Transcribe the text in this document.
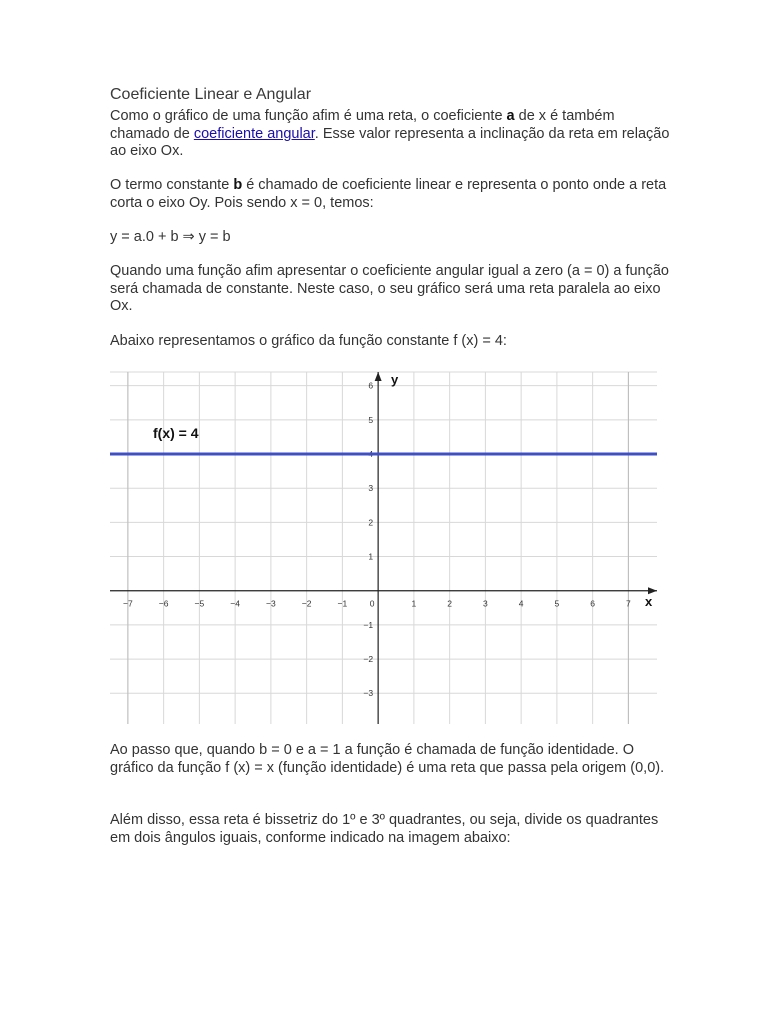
Coeficiente Linear e Angular
Como o gráfico de uma função afim é uma reta, o coeficiente a de x é também chamado de coeficiente angular. Esse valor representa a inclinação da reta em relação ao eixo Ox.
O termo constante b é chamado de coeficiente linear e representa o ponto onde a reta corta o eixo Oy. Pois sendo x = 0, temos:
y = a.0 + b ⇒ y = b
Quando uma função afim apresentar o coeficiente angular igual a zero (a = 0) a função será chamada de constante. Neste caso, o seu gráfico será uma reta paralela ao eixo Ox.
Abaixo representamos o gráfico da função constante f (x) = 4:
Ao passo que, quando b = 0 e a = 1 a função é chamada de função identidade. O gráfico da função f (x) = x (função identidade) é uma reta que passa pela origem (0,0).
Além disso, essa reta é bissetriz do 1º e 3º quadrantes, ou seja, divide os quadrantes em dois ângulos iguais, conforme indicado na imagem abaixo:
−7	−6	−5	−4	−3	−2	−1	0	1	2	3	4	5	6	7
−3
−2
−1
1
2
3
4
5
6
f(x) = 4
x
y
